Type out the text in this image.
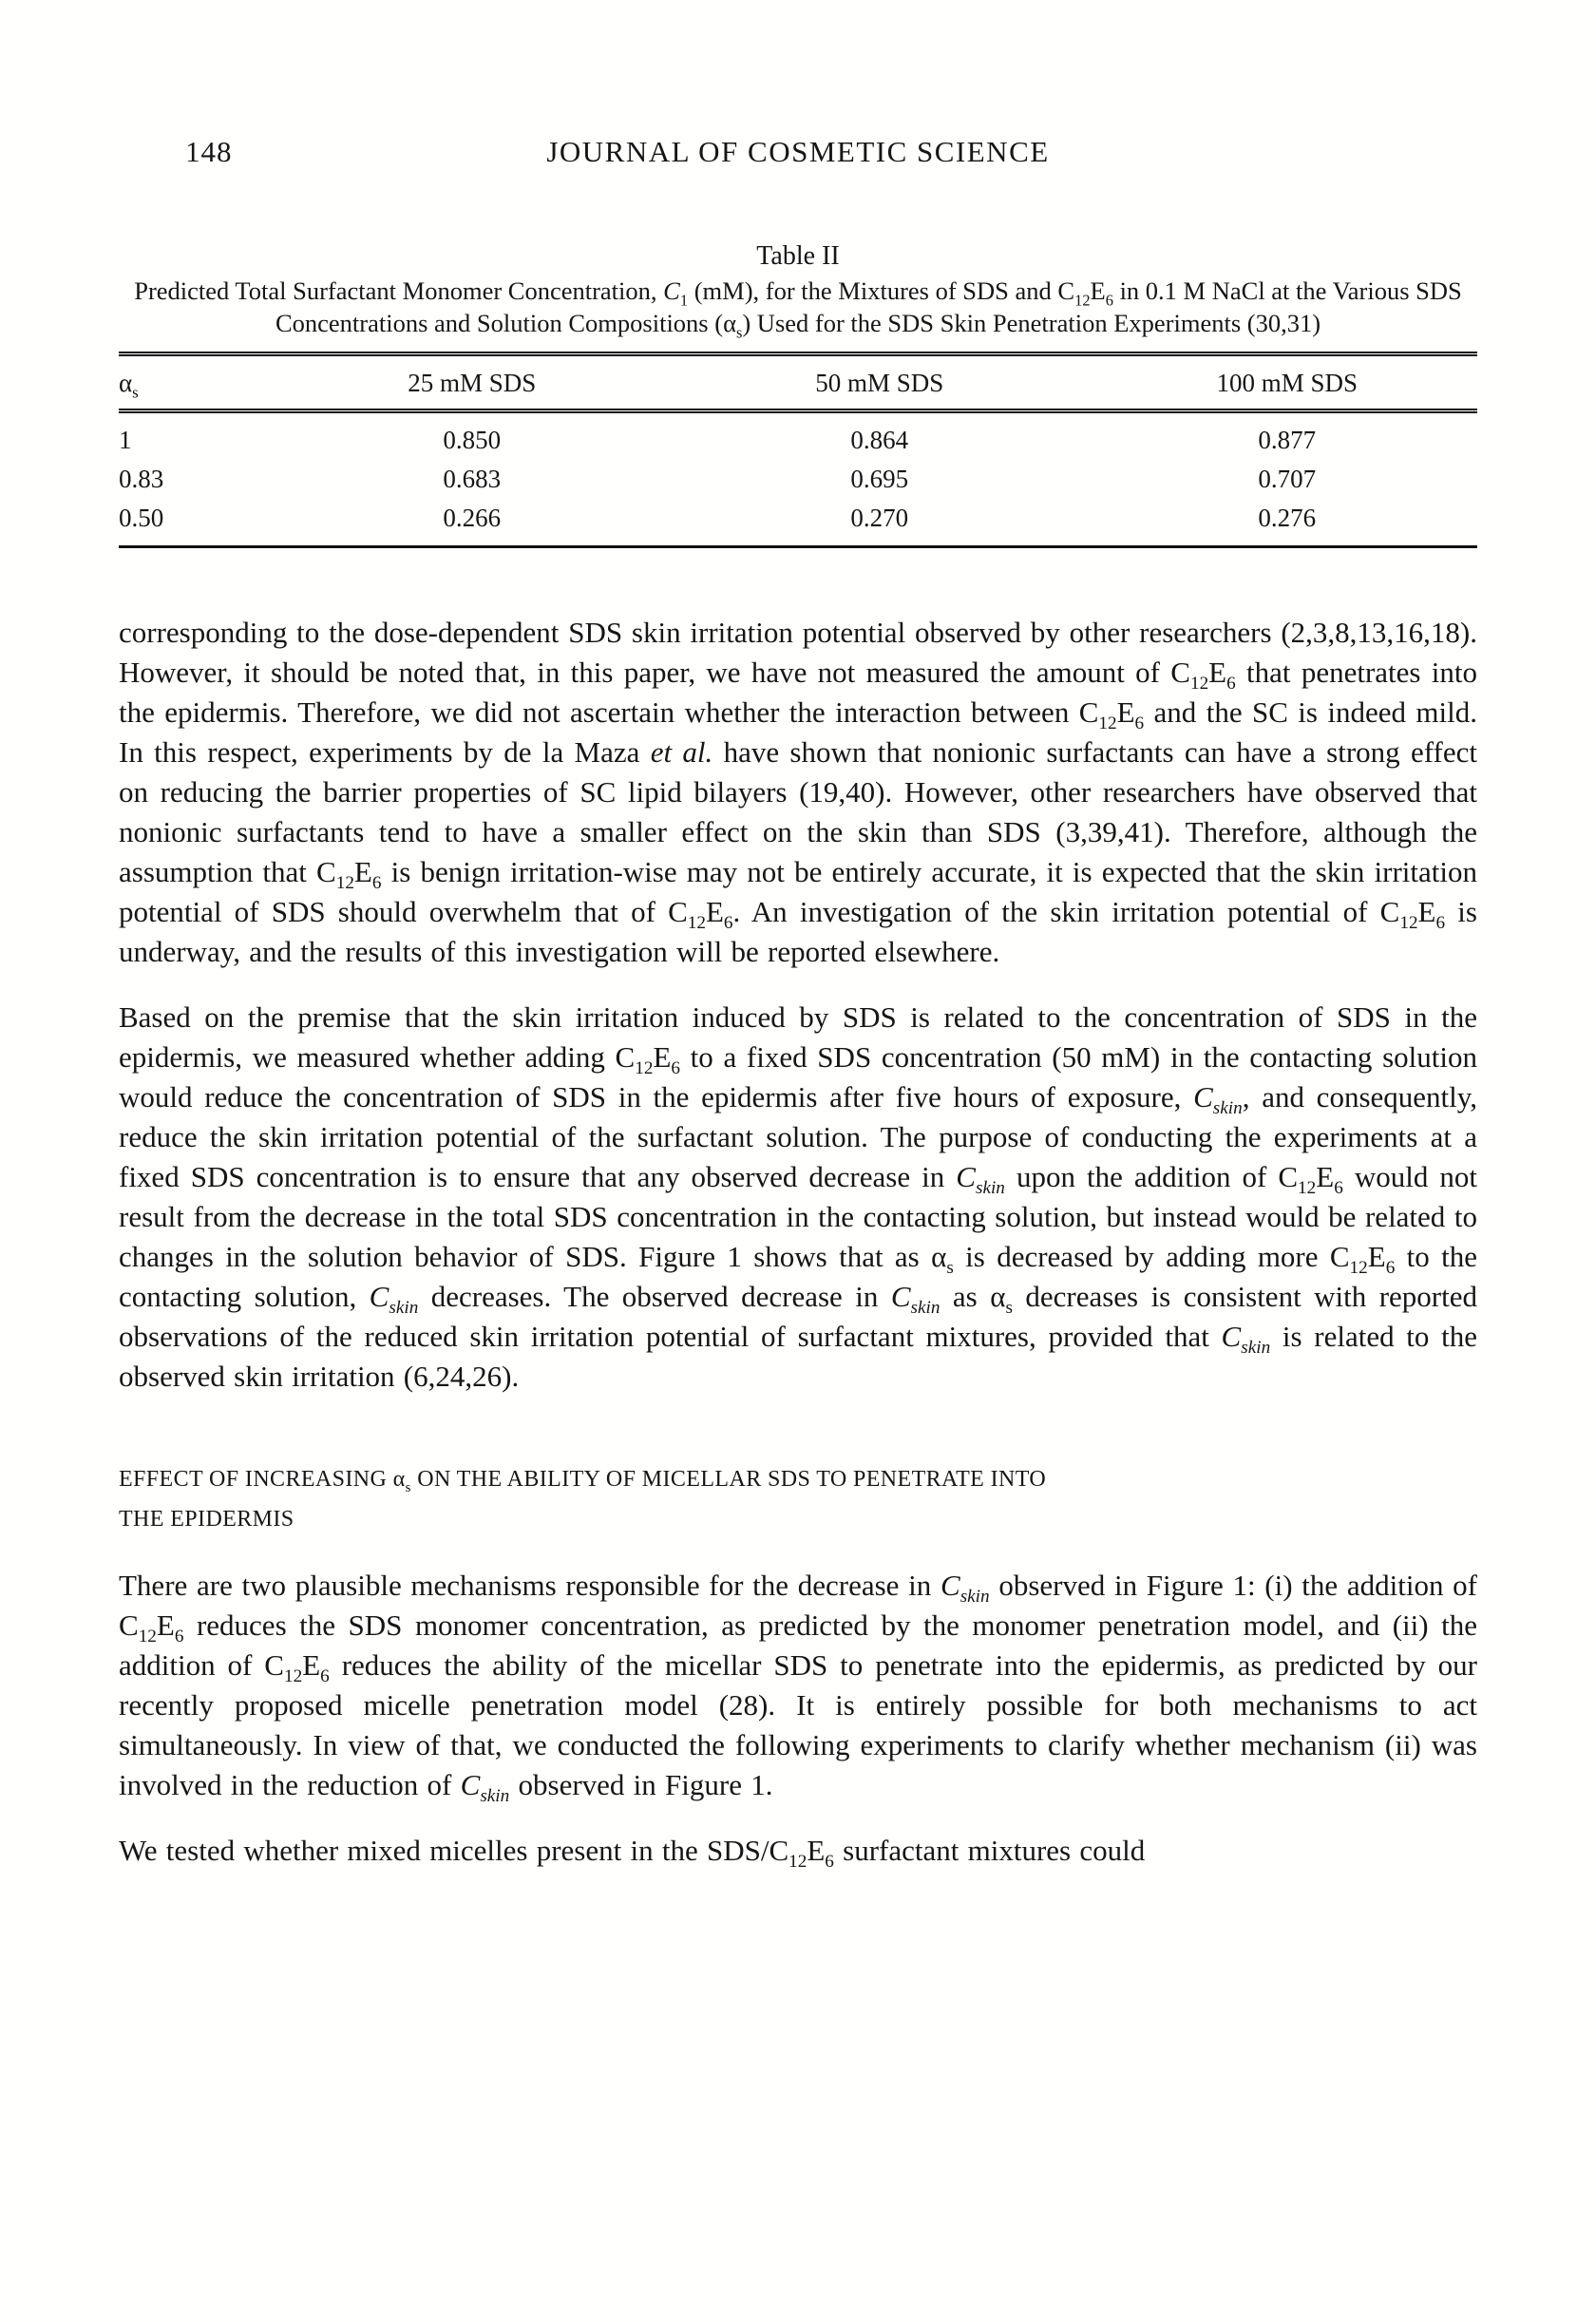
148	JOURNAL OF COSMETIC SCIENCE
Table II
Predicted Total Surfactant Monomer Concentration, $C_1$ (mM), for the Mixtures of SDS and $C_{12}E_6$ in 0.1 M NaCl at the Various SDS Concentrations and Solution Compositions $(\alpha_s)$ Used for the SDS Skin Penetration Experiments (30,31)
$\alpha_s$	25 mM SDS	50 mM SDS	100 mM SDS
1	0.850	0.864	0.877
0.83	0.683	0.695	0.707
0.50	0.266	0.270	0.276

corresponding to the dose-dependent SDS skin irritation potential observed by other researchers (2,3,8,13,16,18). However, it should be noted that, in this paper, we have not measured the amount of $C_{12}E_6$ that penetrates into the epidermis. Therefore, we did not ascertain whether the interaction between $C_{12}E_6$ and the SC is indeed mild. In this respect, experiments by de la Maza et al. have shown that nonionic surfactants can have a strong effect on reducing the barrier properties of SC lipid bilayers (19,40). However, other researchers have observed that nonionic surfactants tend to have a smaller effect on the skin than SDS (3,39,41). Therefore, although the assumption that $C_{12}E_6$ is benign irritation-wise may not be entirely accurate, it is expected that the skin irritation potential of SDS should overwhelm that of $C_{12}E_6$. An investigation of the skin irritation potential of $C_{12}E_6$ is underway, and the results of this investigation will be reported elsewhere.

Based on the premise that the skin irritation induced by SDS is related to the concentration of SDS in the epidermis, we measured whether adding $C_{12}E_6$ to a fixed SDS concentration (50 mM) in the contacting solution would reduce the concentration of SDS in the epidermis after five hours of exposure, $C_{skin}$, and consequently, reduce the skin irritation potential of the surfactant solution. The purpose of conducting the experiments at a fixed SDS concentration is to ensure that any observed decrease in $C_{skin}$ upon the addition of $C_{12}E_6$ would not result from the decrease in the total SDS concentration in the contacting solution, but instead would be related to changes in the solution behavior of SDS. Figure 1 shows that as $\alpha_s$ is decreased by adding more $C_{12}E_6$ to the contacting solution, $C_{skin}$ decreases. The observed decrease in $C_{skin}$ as $\alpha_s$ decreases is consistent with reported observations of the reduced skin irritation potential of surfactant mixtures, provided that $C_{skin}$ is related to the observed skin irritation (6,24,26).

EFFECT OF INCREASING $\alpha_s$ ON THE ABILITY OF MICELLAR SDS TO PENETRATE INTO
THE EPIDERMIS

There are two plausible mechanisms responsible for the decrease in $C_{skin}$ observed in Figure 1: (i) the addition of $C_{12}E_6$ reduces the SDS monomer concentration, as predicted by the monomer penetration model, and (ii) the addition of $C_{12}E_6$ reduces the ability of the micellar SDS to penetrate into the epidermis, as predicted by our recently proposed micelle penetration model (28). It is entirely possible for both mechanisms to act simultaneously. In view of that, we conducted the following experiments to clarify whether mechanism (ii) was involved in the reduction of $C_{skin}$ observed in Figure 1.

We tested whether mixed micelles present in the SDS/$C_{12}E_6$ surfactant mixtures could
